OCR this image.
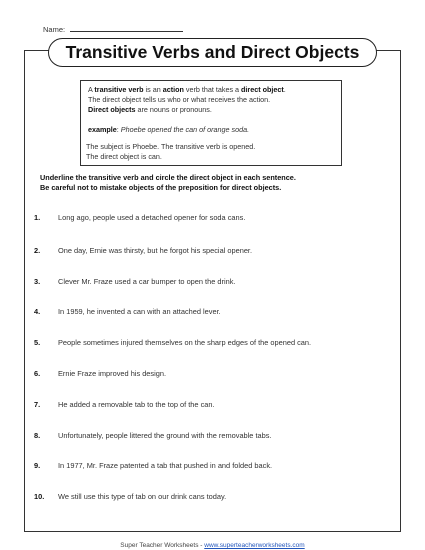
Name:
Transitive Verbs and Direct Objects
A transitive verb is an action verb that takes a direct object.
The direct object tells us who or what receives the action.
Direct objects are nouns or pronouns.
example: Phoebe opened the can of orange soda.
The subject is Phoebe. The transitive verb is opened.
The direct object is can.
Underline the transitive verb and circle the direct object in each sentence.
Be careful not to mistake objects of the preposition for direct objects.
1. Long ago, people used a detached opener for soda cans.
2. One day, Ernie was thirsty, but he forgot his special opener.
3. Clever Mr. Fraze used a car bumper to open the drink.
4. In 1959, he invented a can with an attached lever.
5. People sometimes injured themselves on the sharp edges of the opened can.
6. Ernie Fraze improved his design.
7. He added a removable tab to the top of the can.
8. Unfortunately, people littered the ground with the removable tabs.
9. In 1977, Mr. Fraze patented a tab that pushed in and folded back.
10. We still use this type of tab on our drink cans today.
Super Teacher Worksheets - www.superteacherworksheets.com
